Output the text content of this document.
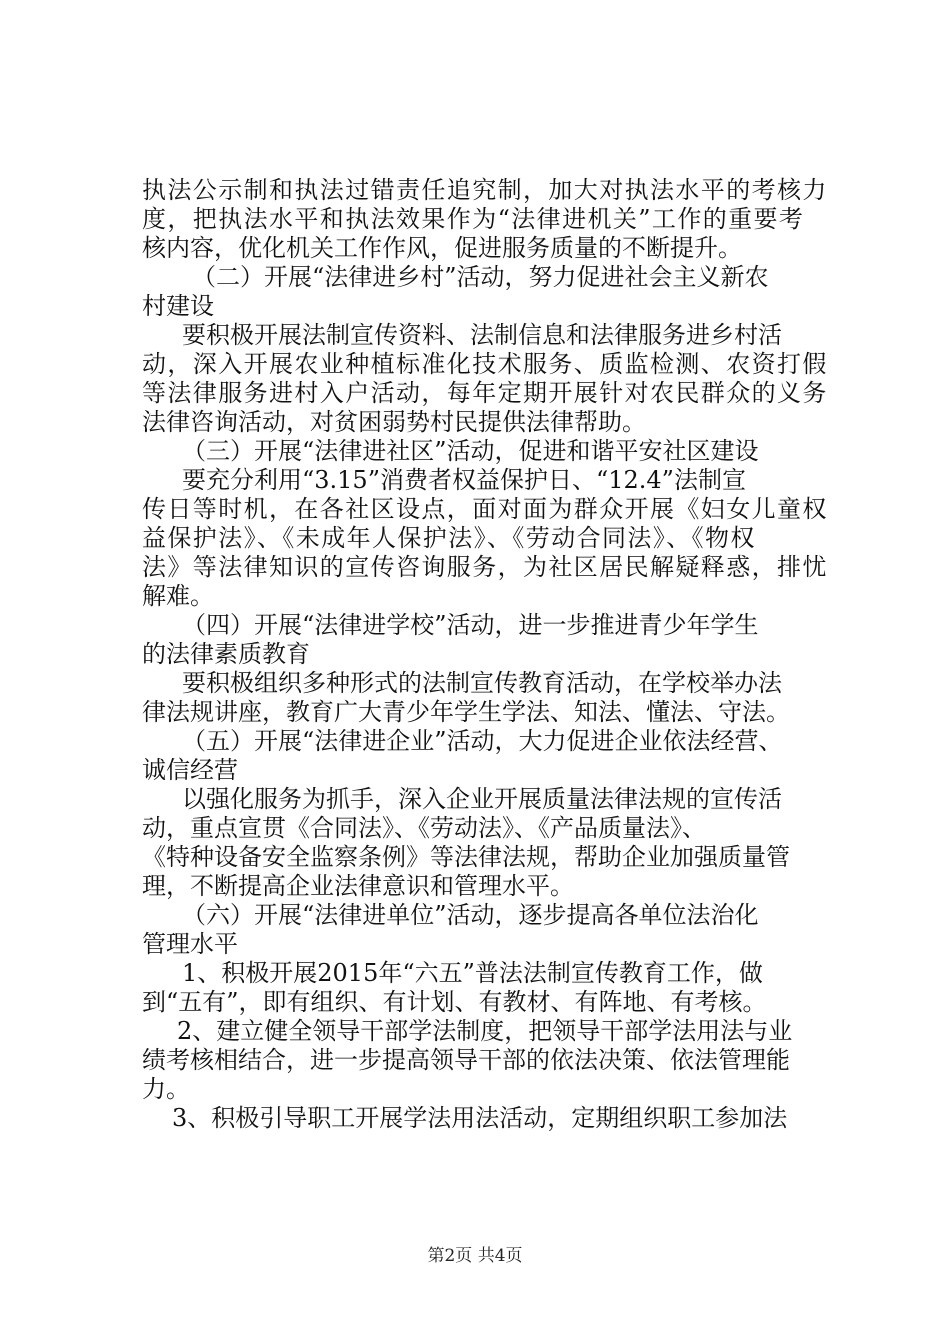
执法公示制和执法过错责任追究制，加大对执法水平的考核力
度，把执法水平和执法效果作为“法律进机关”工作的重要考
核内容，优化机关工作作风，促进服务质量的不断提升。
（二）开展“法律进乡村”活动，努力促进社会主义新农
村建设
要积极开展法制宣传资料、法制信息和法律服务进乡村活
动，深入开展农业种植标准化技术服务、质监检测、农资打假
等法律服务进村入户活动，每年定期开展针对农民群众的义务
法律咨询活动，对贫困弱势村民提供法律帮助。
（三）开展“法律进社区”活动，促进和谐平安社区建设
要充分利用“3.15”消费者权益保护日、“12.4”法制宣
传日等时机，在各社区设点，面对面为群众开展《妇女儿童权
益保护法》、《未成年人保护法》、《劳动合同法》、《物权
法》等法律知识的宣传咨询服务，为社区居民解疑释惑，排忧
解难。
（四）开展“法律进学校”活动，进一步推进青少年学生
的法律素质教育
要积极组织多种形式的法制宣传教育活动，在学校举办法
律法规讲座，教育广大青少年学生学法、知法、懂法、守法。
（五）开展“法律进企业”活动，大力促进企业依法经营、
诚信经营
以强化服务为抓手，深入企业开展质量法律法规的宣传活
动，重点宣贯《合同法》、《劳动法》、《产品质量法》、
《特种设备安全监察条例》等法律法规，帮助企业加强质量管
理，不断提高企业法律意识和管理水平。
（六）开展“法律进单位”活动，逐步提高各单位法治化
管理水平
1、积极开展2015年“六五”普法法制宣传教育工作，做
到“五有”，即有组织、有计划、有教材、有阵地、有考核。
2、建立健全领导干部学法制度，把领导干部学法用法与业
绩考核相结合，进一步提高领导干部的依法决策、依法管理能
力。
3、积极引导职工开展学法用法活动，定期组织职工参加法
第2页 共4页
